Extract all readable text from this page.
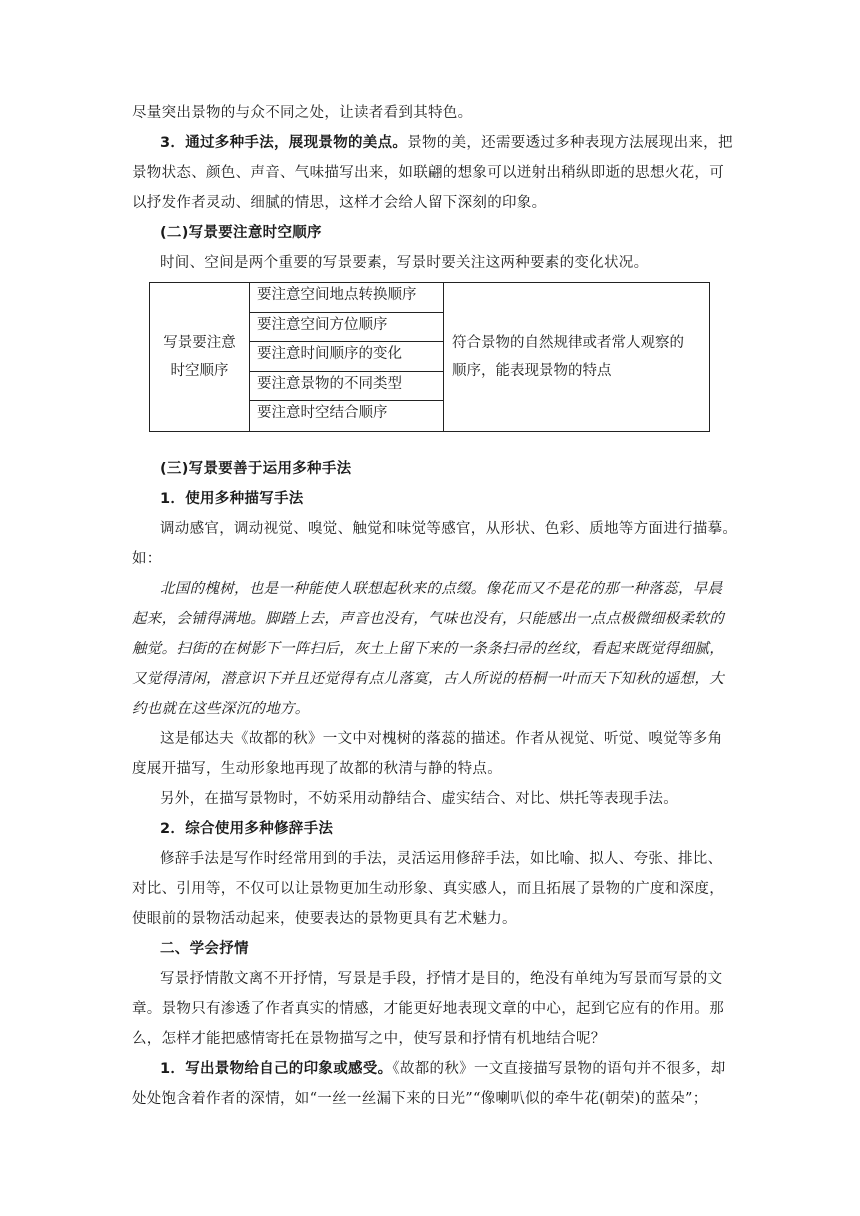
尽量突出景物的与众不同之处，让读者看到其特色。
3．通过多种手法，展现景物的美点。景物的美，还需要透过多种表现方法展现出来，把
景物状态、颜色、声音、气味描写出来，如联翩的想象可以迸射出稍纵即逝的思想火花，可
以抒发作者灵动、细腻的情思，这样才会给人留下深刻的印象。
(二)写景要注意时空顺序
时间、空间是两个重要的写景要素，写景时要关注这两种要素的变化状况。
写景要注意
时空顺序
要注意空间地点转换顺序
要注意空间方位顺序
要注意时间顺序的变化
要注意景物的不同类型
要注意时空结合顺序
符合景物的自然规律或者常人观察的
顺序，能表现景物的特点
(三)写景要善于运用多种手法
1．使用多种描写手法
调动感官，调动视觉、嗅觉、触觉和味觉等感官，从形状、色彩、质地等方面进行描摹。
如：
北国的槐树，也是一种能使人联想起秋来的点缀。像花而又不是花的那一种落蕊，早晨
起来，会铺得满地。脚踏上去，声音也没有，气味也没有，只能感出一点点极微细极柔软的
触觉。扫街的在树影下一阵扫后，灰土上留下来的一条条扫帚的丝纹，看起来既觉得细腻，
又觉得清闲，潜意识下并且还觉得有点儿落寞，古人所说的梧桐一叶而天下知秋的遥想，大
约也就在这些深沉的地方。
这是郁达夫《故都的秋》一文中对槐树的落蕊的描述。作者从视觉、听觉、嗅觉等多角
度展开描写，生动形象地再现了故都的秋清与静的特点。
另外，在描写景物时，不妨采用动静结合、虚实结合、对比、烘托等表现手法。
2．综合使用多种修辞手法
修辞手法是写作时经常用到的手法，灵活运用修辞手法，如比喻、拟人、夸张、排比、
对比、引用等，不仅可以让景物更加生动形象、真实感人，而且拓展了景物的广度和深度，
使眼前的景物活动起来，使要表达的景物更具有艺术魅力。
二、学会抒情
写景抒情散文离不开抒情，写景是手段，抒情才是目的，绝没有单纯为写景而写景的文
章。景物只有渗透了作者真实的情感，才能更好地表现文章的中心，起到它应有的作用。那
么，怎样才能把感情寄托在景物描写之中，使写景和抒情有机地结合呢？
1．写出景物给自己的印象或感受。《故都的秋》一文直接描写景物的语句并不很多，却
处处饱含着作者的深情，如“一丝一丝漏下来的日光”“像喇叭似的牵牛花(朝荣)的蓝朵”；
